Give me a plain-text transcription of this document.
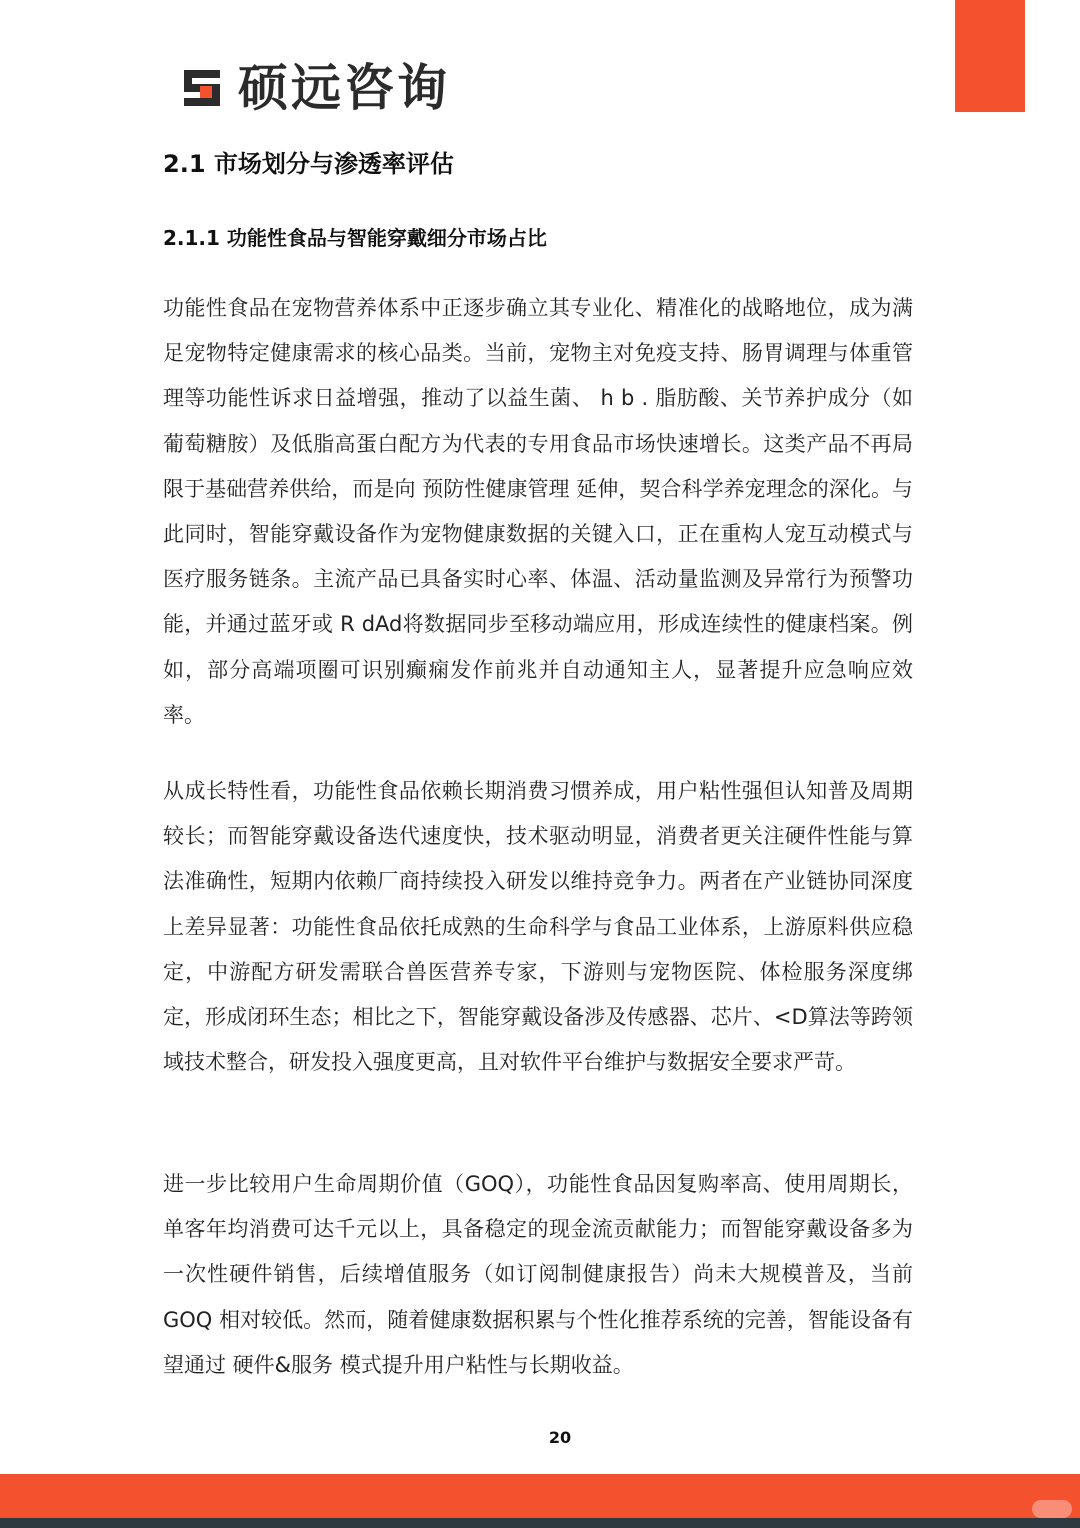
硕远咨询
2.1 市场划分与渗透率评估
2.1.1 功能性食品与智能穿戴细分市场占比

功能性食品在宠物营养体系中正逐步确立其专业化、精准化的战略地位，成为满足宠物特定健康需求的核心品类。当前，宠物主对免疫支持、肠胃调理与体重管理等功能性诉求日益增强，推动了以益生菌、 h b . 脂肪酸、关节养护成分（如葡萄糖胺）及低脂高蛋白配方为代表的专用食品市场快速增长。这类产品不再局限于基础营养供给，而是向 预防性健康管理 延伸，契合科学养宠理念的深化。与此同时，智能穿戴设备作为宠物健康数据的关键入口，正在重构人宠互动模式与医疗服务链条。主流产品已具备实时心率、体温、活动量监测及异常行为预警功能，并通过蓝牙或 R dAd将数据同步至移动端应用，形成连续性的健康档案。例如，部分高端项圈可识别癫痫发作前兆并自动通知主人，显著提升应急响应效率。

从成长特性看，功能性食品依赖长期消费习惯养成，用户粘性强但认知普及周期较长；而智能穿戴设备迭代速度快，技术驱动明显，消费者更关注硬件性能与算法准确性，短期内依赖厂商持续投入研发以维持竞争力。两者在产业链协同深度上差异显著：功能性食品依托成熟的生命科学与食品工业体系，上游原料供应稳定，中游配方研发需联合兽医营养专家，下游则与宠物医院、体检服务深度绑定，形成闭环生态；相比之下，智能穿戴设备涉及传感器、芯片、<D算法等跨领域技术整合，研发投入强度更高，且对软件平台维护与数据安全要求严苛。

进一步比较用户生命周期价值（GOQ），功能性食品因复购率高、使用周期长，单客年均消费可达千元以上，具备稳定的现金流贡献能力；而智能穿戴设备多为一次性硬件销售，后续增值服务（如订阅制健康报告）尚未大规模普及，当前 GOQ 相对较低。然而，随着健康数据积累与个性化推荐系统的完善，智能设备有望通过 硬件&服务 模式提升用户粘性与长期收益。

20
